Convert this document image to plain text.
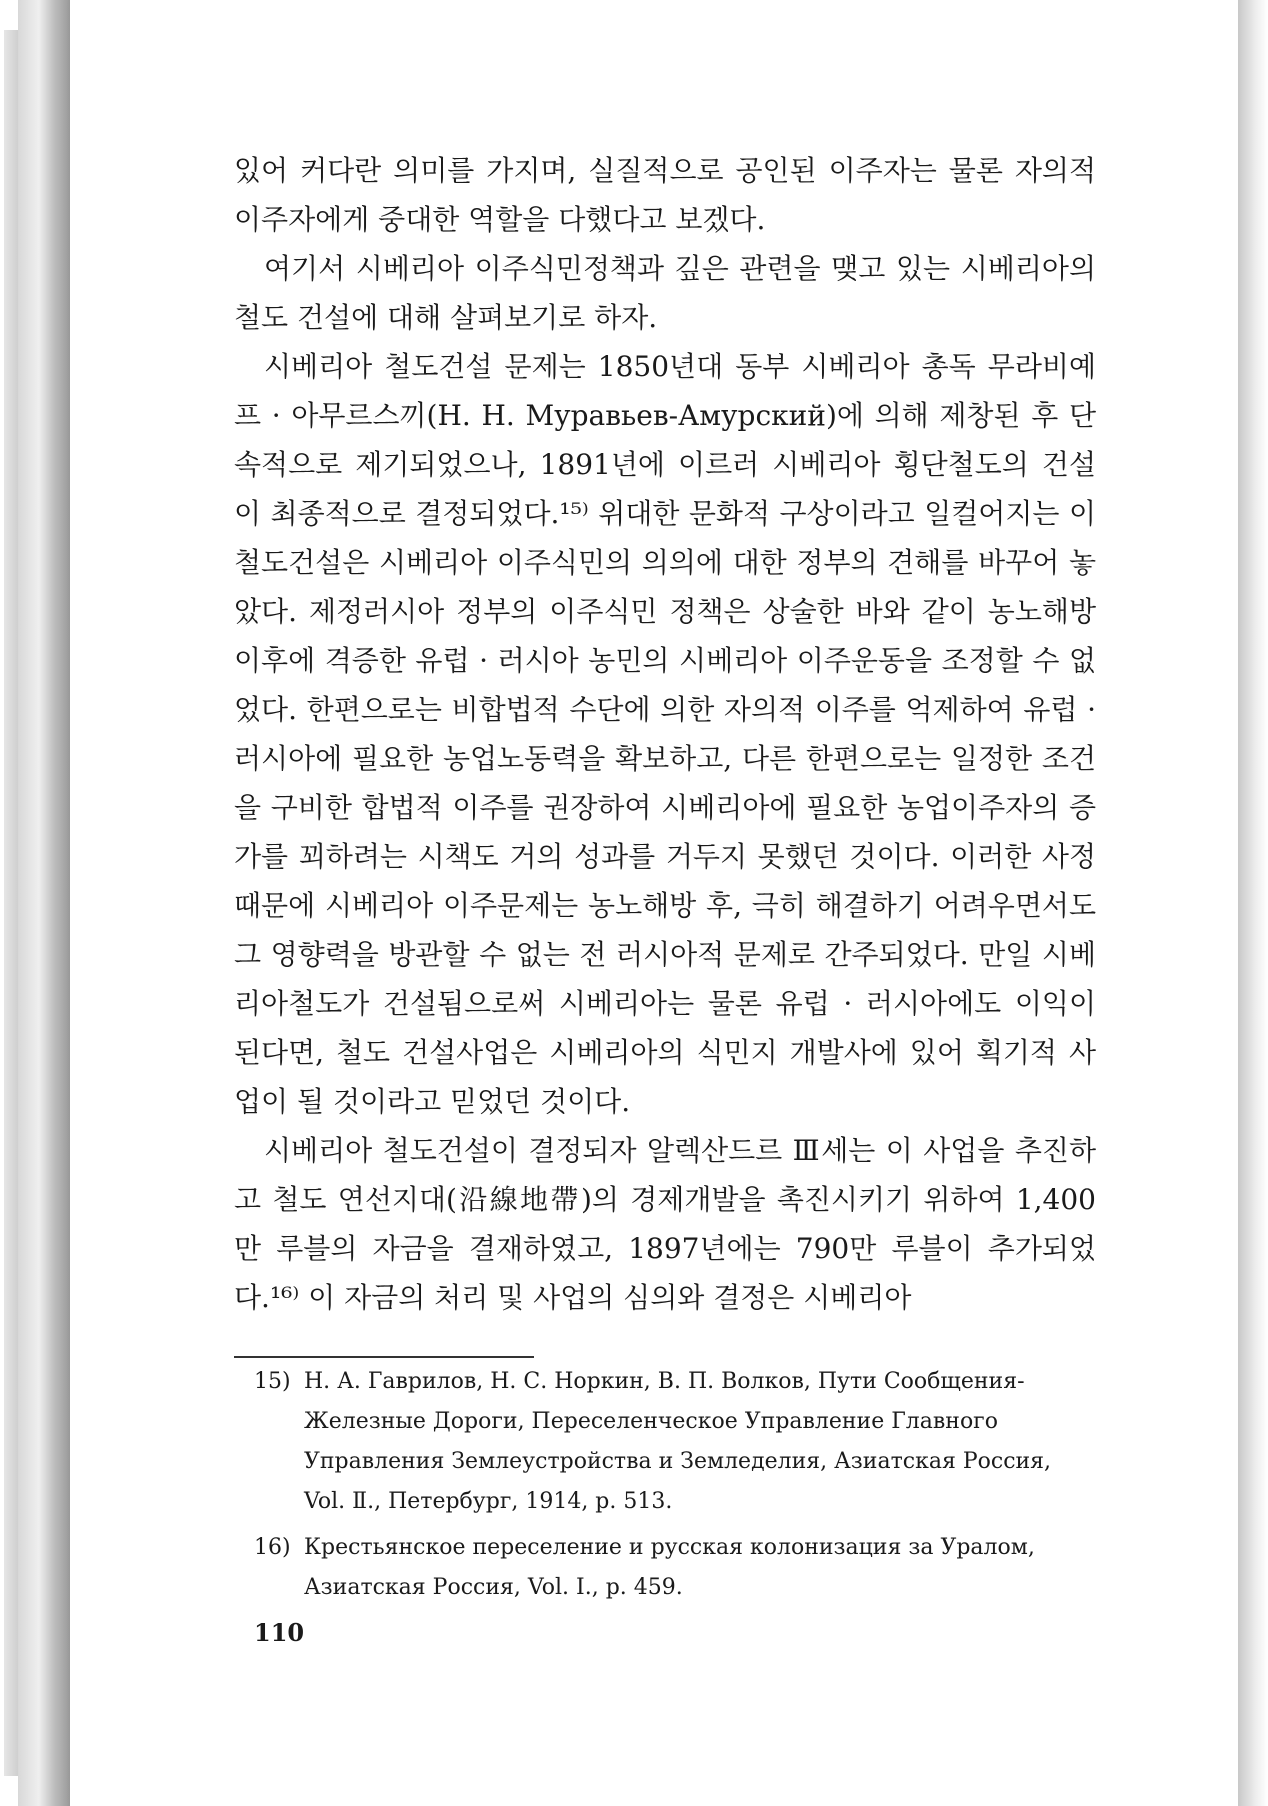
있어 커다란 의미를 가지며, 실질적으로 공인된 이주자는 물론 자의적 이주자에게 중대한 역할을 다했다고 보겠다.

여기서 시베리아 이주식민정책과 깊은 관련을 맺고 있는 시베리아의 철도 건설에 대해 살펴보기로 하자.

시베리아 철도건설 문제는 1850년대 동부 시베리아 총독 무라비예프 · 아무르스끼(Н. Н. Муравьев-Амурский)에 의해 제창된 후 단속적으로 제기되었으나, 1891년에 이르러 시베리아 횡단철도의 건설이 최종적으로 결정되었다.¹⁵⁾ 위대한 문화적 구상이라고 일컬어지는 이 철도건설은 시베리아 이주식민의 의의에 대한 정부의 견해를 바꾸어 놓았다. 제정러시아 정부의 이주식민 정책은 상술한 바와 같이 농노해방 이후에 격증한 유럽 · 러시아 농민의 시베리아 이주운동을 조정할 수 없었다. 한편으로는 비합법적 수단에 의한 자의적 이주를 억제하여 유럽 · 러시아에 필요한 농업노동력을 확보하고, 다른 한편으로는 일정한 조건을 구비한 합법적 이주를 권장하여 시베리아에 필요한 농업이주자의 증가를 꾀하려는 시책도 거의 성과를 거두지 못했던 것이다. 이러한 사정 때문에 시베리아 이주문제는 농노해방 후, 극히 해결하기 어려우면서도 그 영향력을 방관할 수 없는 전 러시아적 문제로 간주되었다. 만일 시베리아철도가 건설됨으로써 시베리아는 물론 유럽 · 러시아에도 이익이 된다면, 철도 건설사업은 시베리아의 식민지 개발사에 있어 획기적 사업이 될 것이라고 믿었던 것이다.

시베리아 철도건설이 결정되자 알렉산드르 Ⅲ세는 이 사업을 추진하고 철도 연선지대(沿線地帶)의 경제개발을 촉진시키기 위하여 1,400만 루블의 자금을 결재하였고, 1897년에는 790만 루블이 추가되었다.¹⁶⁾ 이 자금의 처리 및 사업의 심의와 결정은 시베리아

15) Н. А. Гаврилов, Н. С. Норкин, В. П. Волков, Пути Сообщения-Железные Дороги, Переселенческое Управление Главного Управления Землеустройства и Земледелия, Азиатская Россия, Vol. Ⅱ., Петербург, 1914, p. 513.
16) Крестьянское переселение и русская колонизация за Уралом, Азиатская Россия, Vol. Ⅰ., p. 459.
110
